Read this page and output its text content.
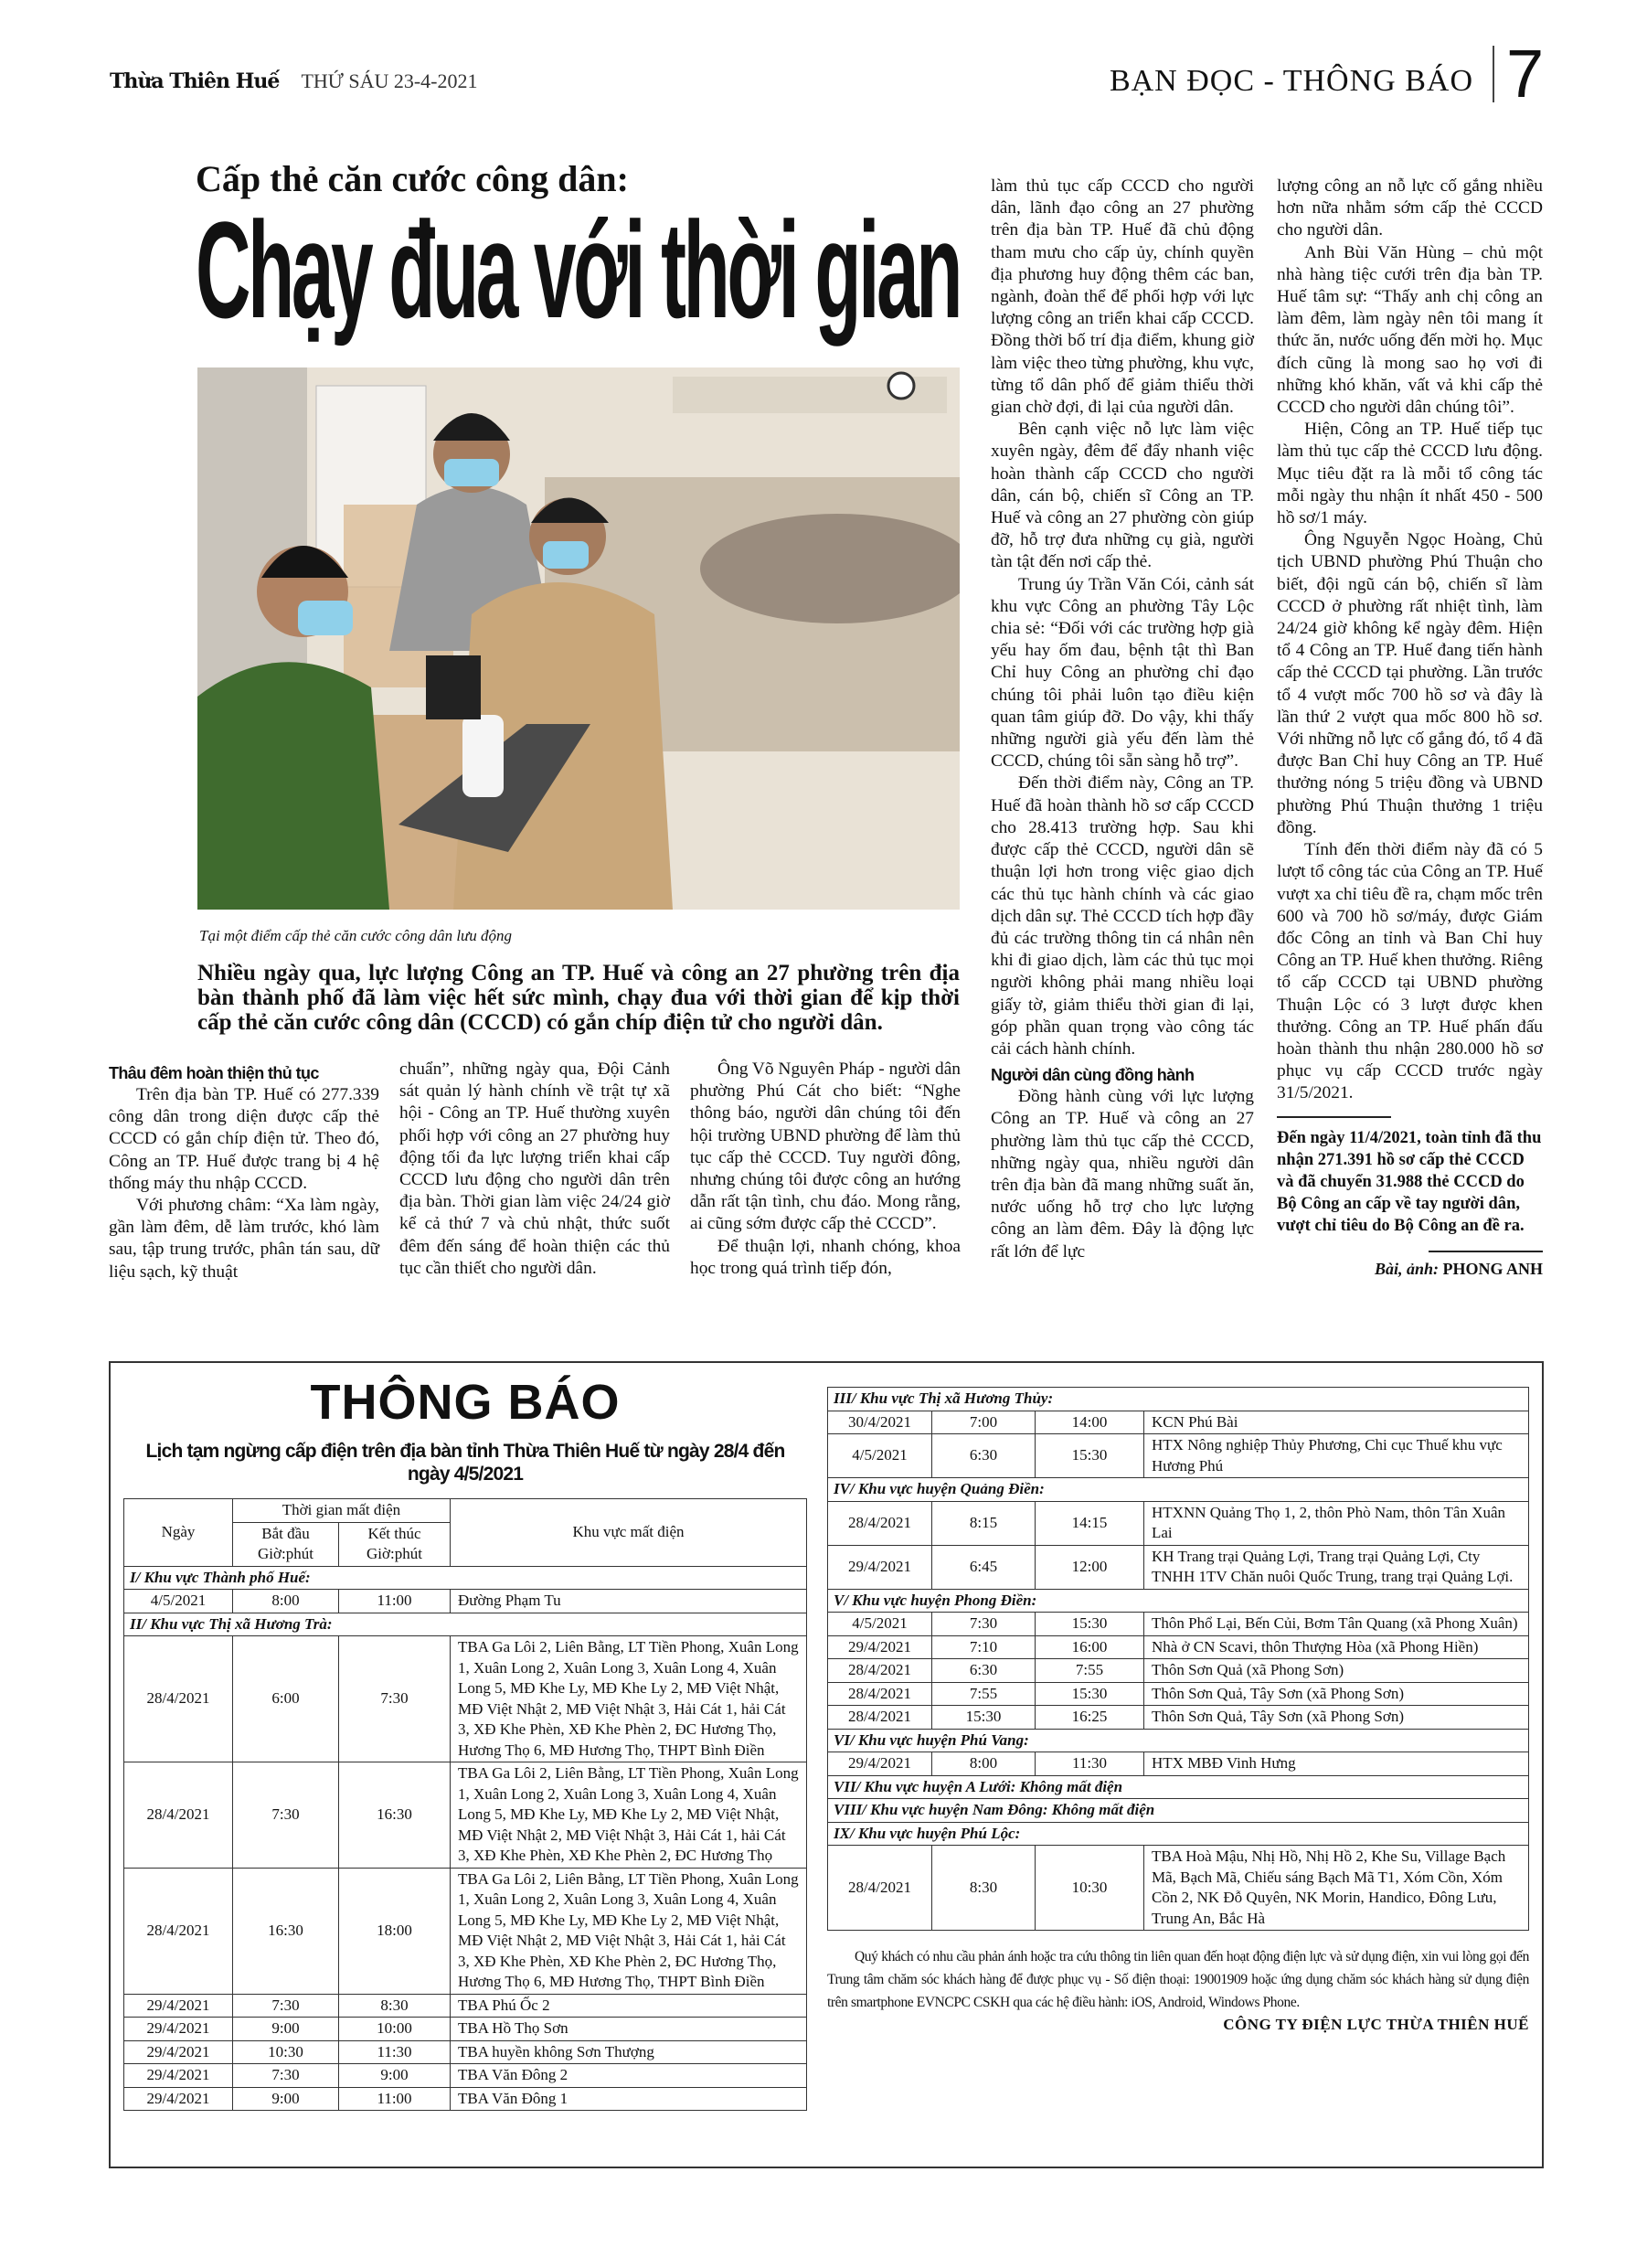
Thừa Thiên Huế THỨ SÁU 23-4-2021	BẠN ĐỌC - THÔNG BÁO 7
Cấp thẻ căn cước công dân:
Chạy đua với thời gian
Tại một điểm cấp thẻ căn cước công dân lưu động
Nhiều ngày qua, lực lượng Công an TP. Huế và công an 27 phường trên địa bàn thành phố đã làm việc hết sức mình, chạy đua với thời gian để kịp thời cấp thẻ căn cước công dân (CCCD) có gắn chíp điện tử cho người dân.
Thâu đêm hoàn thiện thủ tục

Trên địa bàn TP. Huế có 277.339 công dân trong diện được cấp thẻ CCCD có gắn chíp điện tử. Theo đó, Công an TP. Huế được trang bị 4 hệ thống máy thu nhập CCCD.

Với phương châm: “Xa làm ngày, gần làm đêm, dễ làm trước, khó làm sau, tập trung trước, phân tán sau, dữ liệu sạch, kỹ thuật

chuẩn”, những ngày qua, Đội Cảnh sát quản lý hành chính về trật tự xã hội - Công an TP. Huế thường xuyên phối hợp với công an 27 phường huy động tối đa lực lượng triển khai cấp CCCD lưu động cho người dân trên địa bàn. Thời gian làm việc 24/24 giờ kể cả thứ 7 và chủ nhật, thức suốt đêm đến sáng để hoàn thiện các thủ tục cần thiết cho người dân.

Ông Võ Nguyên Pháp - người dân phường Phú Cát cho biết: “Nghe thông báo, người dân chúng tôi đến hội trường UBND phường để làm thủ tục cấp thẻ CCCD. Tuy người đông, nhưng chúng tôi được công an hướng dẫn rất tận tình, chu đáo. Mong rằng, ai cũng sớm được cấp thẻ CCCD”.

Để thuận lợi, nhanh chóng, khoa học trong quá trình tiếp đón,

làm thủ tục cấp CCCD cho người dân, lãnh đạo công an 27 phường trên địa bàn TP. Huế đã chủ động tham mưu cho cấp ủy, chính quyền địa phương huy động thêm các ban, ngành, đoàn thể để phối hợp với lực lượng công an triển khai cấp CCCD. Đồng thời bố trí địa điểm, khung giờ làm việc theo từng phường, khu vực, từng tổ dân phố để giảm thiểu thời gian chờ đợi, đi lại của người dân.

Bên cạnh việc nỗ lực làm việc xuyên ngày, đêm để đẩy nhanh việc hoàn thành cấp CCCD cho người dân, cán bộ, chiến sĩ Công an TP. Huế và công an 27 phường còn giúp đỡ, hỗ trợ đưa những cụ già, người tàn tật đến nơi cấp thẻ.

Trung úy Trần Văn Cói, cảnh sát khu vực Công an phường Tây Lộc chia sẻ: “Đối với các trường hợp già yếu hay ốm đau, bệnh tật thì Ban Chỉ huy Công an phường chỉ đạo chúng tôi phải luôn tạo điều kiện quan tâm giúp đỡ. Do vậy, khi thấy những người già yếu đến làm thẻ CCCD, chúng tôi sẵn sàng hỗ trợ”.

Đến thời điểm này, Công an TP. Huế đã hoàn thành hồ sơ cấp CCCD cho 28.413 trường hợp. Sau khi được cấp thẻ CCCD, người dân sẽ thuận lợi hơn trong việc giao dịch các thủ tục hành chính và các giao dịch dân sự. Thẻ CCCD tích hợp đầy đủ các trường thông tin cá nhân nên khi đi giao dịch, làm các thủ tục mọi người không phải mang nhiều loại giấy tờ, giảm thiểu thời gian đi lại, góp phần quan trọng vào công tác cải cách hành chính.

Người dân cùng đồng hành

Đồng hành cùng với lực lượng Công an TP. Huế và công an 27 phường làm thủ tục cấp thẻ CCCD, những ngày qua, nhiều người dân trên địa bàn đã mang những suất ăn, nước uống hỗ trợ cho lực lượng công an làm đêm. Đây là động lực rất lớn để lực

lượng công an nỗ lực cố gắng nhiều hơn nữa nhằm sớm cấp thẻ CCCD cho người dân.

Anh Bùi Văn Hùng – chủ một nhà hàng tiệc cưới trên địa bàn TP. Huế tâm sự: “Thấy anh chị công an làm đêm, làm ngày nên tôi mang ít thức ăn, nước uống đến mời họ. Mục đích cũng là mong sao họ vơi đi những khó khăn, vất vả khi cấp thẻ CCCD cho người dân chúng tôi”.

Hiện, Công an TP. Huế tiếp tục làm thủ tục cấp thẻ CCCD lưu động. Mục tiêu đặt ra là mỗi tổ công tác mỗi ngày thu nhận ít nhất 450 - 500 hồ sơ/1 máy.

Ông Nguyễn Ngọc Hoàng, Chủ tịch UBND phường Phú Thuận cho biết, đội ngũ cán bộ, chiến sĩ làm CCCD ở phường rất nhiệt tình, làm 24/24 giờ không kể ngày đêm. Hiện tổ 4 Công an TP. Huế đang tiến hành cấp thẻ CCCD tại phường. Lần trước tổ 4 vượt mốc 700 hồ sơ và đây là lần thứ 2 vượt qua mốc 800 hồ sơ. Với những nỗ lực cố gắng đó, tổ 4 đã được Ban Chỉ huy Công an TP. Huế thưởng nóng 5 triệu đồng và UBND phường Phú Thuận thưởng 1 triệu đồng.

Tính đến thời điểm này đã có 5 lượt tổ công tác của Công an TP. Huế vượt xa chỉ tiêu đề ra, chạm mốc trên 600 và 700 hồ sơ/máy, được Giám đốc Công an tỉnh và Ban Chỉ huy Công an TP. Huế khen thưởng. Riêng tổ cấp CCCD tại UBND phường Thuận Lộc có 3 lượt được khen thưởng. Công an TP. Huế phấn đấu hoàn thành thu nhận 280.000 hồ sơ phục vụ cấp CCCD trước ngày 31/5/2021.

Đến ngày 11/4/2021, toàn tỉnh đã thu nhận 271.391 hồ sơ cấp thẻ CCCD và đã chuyển 31.988 thẻ CCCD do Bộ Công an cấp về tay người dân, vượt chỉ tiêu do Bộ Công an đề ra.
Bài, ảnh: PHONG ANH
THÔNG BÁO
Lịch tạm ngừng cấp điện trên địa bàn tỉnh Thừa Thiên Huế từ ngày 28/4 đến ngày 4/5/2021
Ngày	Thời gian mất điện		Khu vực mất điện
	Bắt đầu Giờ:phút	Kết thúc Giờ:phút	
I/ Khu vực Thành phố Huế:			
4/5/2021	8:00	11:00	Đường Phạm Tu
II/ Khu vực Thị xã Hương Trà:			
28/4/2021	6:00	7:30	TBA Ga Lôi 2, Liên Bằng, LT Tiền Phong, Xuân Long 1, Xuân Long 2, Xuân Long 3, Xuân Long 4, Xuân Long 5, MĐ Khe Ly, MĐ Khe Ly 2, MĐ Việt Nhật, MĐ Việt Nhật 2, MĐ Việt Nhật 3, Hải Cát 1, hải Cát 3, XĐ Khe Phèn, XĐ Khe Phèn 2, ĐC Hương Thọ, Hương Thọ 6, MĐ Hương Thọ, THPT Bình Điền
28/4/2021	7:30	16:30	TBA Ga Lôi 2, Liên Bằng, LT Tiền Phong, Xuân Long 1, Xuân Long 2, Xuân Long 3, Xuân Long 4, Xuân Long 5, MĐ Khe Ly, MĐ Khe Ly 2, MĐ Việt Nhật, MĐ Việt Nhật 2, MĐ Việt Nhật 3, Hải Cát 1, hải Cát 3, XĐ Khe Phèn, XĐ Khe Phèn 2, ĐC Hương Thọ
28/4/2021	16:30	18:00	TBA Ga Lôi 2, Liên Bằng, LT Tiền Phong, Xuân Long 1, Xuân Long 2, Xuân Long 3, Xuân Long 4, Xuân Long 5, MĐ Khe Ly, MĐ Khe Ly 2, MĐ Việt Nhật, MĐ Việt Nhật 2, MĐ Việt Nhật 3, Hải Cát 1, hải Cát 3, XĐ Khe Phèn, XĐ Khe Phèn 2, ĐC Hương Thọ, Hương Thọ 6, MĐ Hương Thọ, THPT Bình Điền
29/4/2021	7:30	8:30	TBA Phú Ốc 2
29/4/2021	9:00	10:00	TBA Hồ Thọ Sơn
29/4/2021	10:30	11:30	TBA huyền không Sơn Thượng
29/4/2021	7:30	9:00	TBA Văn Đông 2
29/4/2021	9:00	11:00	TBA Văn Đông 1
III/ Khu vực Thị xã Hương Thủy:			
30/4/2021	7:00	14:00	KCN Phú Bài
4/5/2021	6:30	15:30	HTX Nông nghiệp Thủy Phương, Chi cục Thuế khu vực Hương Phú
IV/ Khu vực huyện Quảng Điền:			
28/4/2021	8:15	14:15	HTXNN Quảng Thọ 1, 2, thôn Phò Nam, thôn Tân Xuân Lai
29/4/2021	6:45	12:00	KH Trang trại Quảng Lợi, Trang trại Quảng Lợi, Cty TNHH 1TV Chăn nuôi Quốc Trung, trang trại Quảng Lợi.
V/ Khu vực huyện Phong Điền:			
4/5/2021	7:30	15:30	Thôn Phổ Lại, Bến Củi, Bơm Tân Quang (xã Phong Xuân)
29/4/2021	7:10	16:00	Nhà ở CN Scavi, thôn Thượng Hòa (xã Phong Hiền)
28/4/2021	6:30	7:55	Thôn Sơn Quả (xã Phong Sơn)
28/4/2021	7:55	15:30	Thôn Sơn Quả, Tây Sơn (xã Phong Sơn)
28/4/2021	15:30	16:25	Thôn Sơn Quả, Tây Sơn (xã Phong Sơn)
VI/ Khu vực huyện Phú Vang:			
29/4/2021	8:00	11:30	HTX MBĐ Vinh Hưng
VII/ Khu vực huyện A Lưới: Không mất điện			
VIII/ Khu vực huyện Nam Đông: Không mất điện			
IX/ Khu vực huyện Phú Lộc:			
28/4/2021	8:30	10:30	TBA Hoà Mậu, Nhị Hồ, Nhị Hồ 2, Khe Su, Village Bạch Mã, Bạch Mã, Chiếu sáng Bạch Mã T1, Xóm Cồn, Xóm Cồn 2, NK Đỗ Quyên, NK Morin, Handico, Đông Lưu, Trung An, Bắc Hà
Quý khách có nhu cầu phản ánh hoặc tra cứu thông tin liên quan đến hoạt động điện lực và sử dụng điện, xin vui lòng gọi đến Trung tâm chăm sóc khách hàng để được phục vụ - Số điện thoại: 19001909 hoặc ứng dụng chăm sóc khách hàng sử dụng điện trên smartphone EVNCPC CSKH qua các hệ điều hành: iOS, Android, Windows Phone.
CÔNG TY ĐIỆN LỰC THỪA THIÊN HUẾ
